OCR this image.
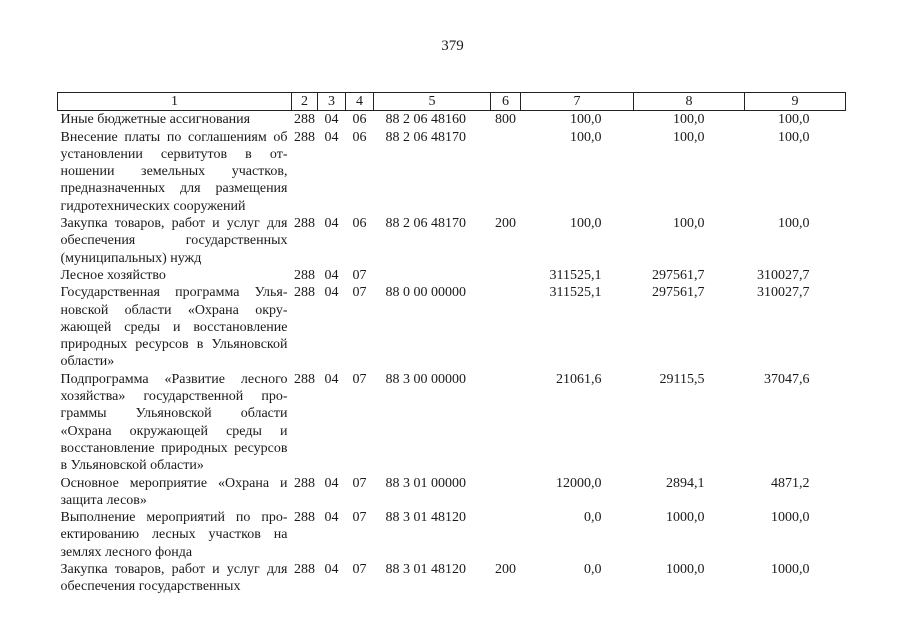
379
1	2	3	4	5	6	7	8	9
Иные бюджетные ассигнования	288	04	06	88 2 06 48160	800	100,0	100,0	100,0
Внесение платы по соглашениям об установлении сервитутов в отношении земельных участков, предназначенных для размещения гидротехнических сооружений	288	04	06	88 2 06 48170		100,0	100,0	100,0
Закупка товаров, работ и услуг для обеспечения государственных (муниципальных) нужд	288	04	06	88 2 06 48170	200	100,0	100,0	100,0
Лесное хозяйство	288	04	07			311525,1	297561,7	310027,7
Государственная программа Ульяновской области «Охрана окружающей среды и восстановление природных ресурсов в Ульяновской области»	288	04	07	88 0 00 00000		311525,1	297561,7	310027,7
Подпрограмма «Развитие лесного хозяйства» государственной программы Ульяновской области «Охрана окружающей среды и восстановление природных ресурсов в Ульяновской области»	288	04	07	88 3 00 00000		21061,6	29115,5	37047,6
Основное мероприятие «Охрана и защита лесов»	288	04	07	88 3 01 00000		12000,0	2894,1	4871,2
Выполнение мероприятий по проектированию лесных участков на землях лесного фонда	288	04	07	88 3 01 48120		0,0	1000,0	1000,0
Закупка товаров, работ и услуг для обеспечения государственных	288	04	07	88 3 01 48120	200	0,0	1000,0	1000,0
